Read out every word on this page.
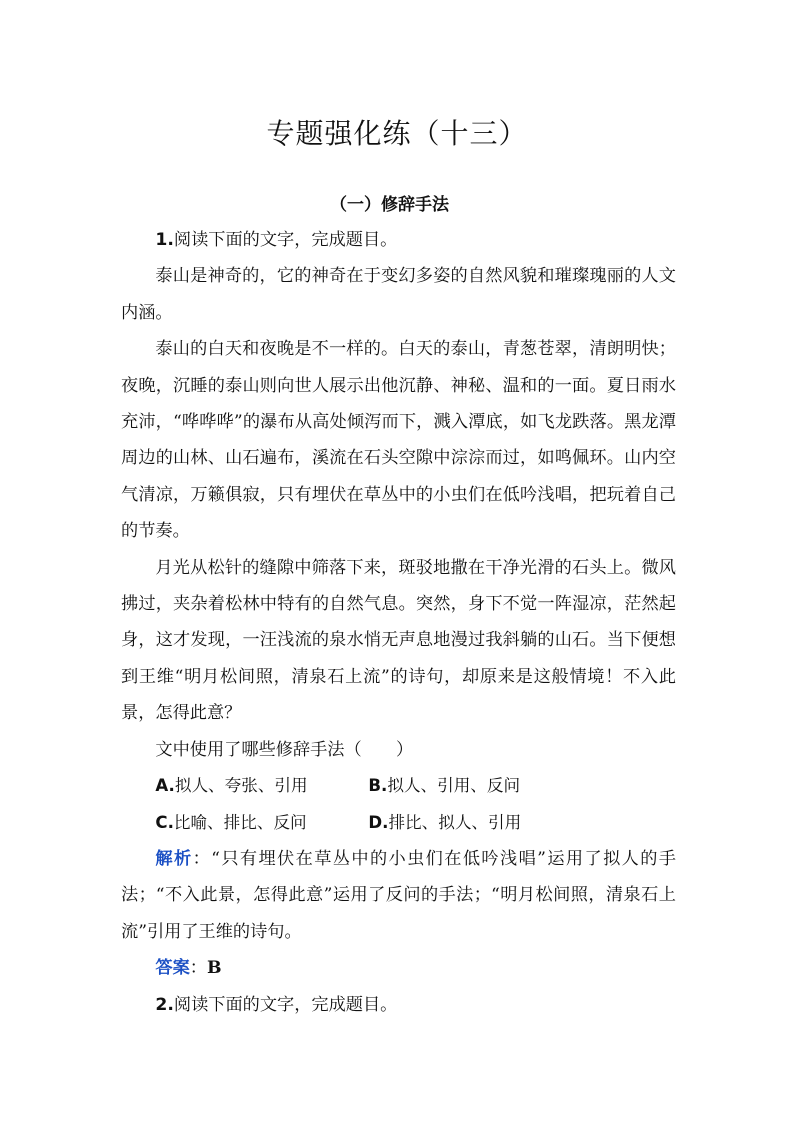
专题强化练（十三）
（一）修辞手法

1.阅读下面的文字，完成题目。

泰山是神奇的，它的神奇在于变幻多姿的自然风貌和璀璨瑰丽的人文内涵。

泰山的白天和夜晚是不一样的。白天的泰山，青葱苍翠，清朗明快；夜晚，沉睡的泰山则向世人展示出他沉静、神秘、温和的一面。夏日雨水充沛，“哗哗哗”的瀑布从高处倾泻而下，溅入潭底，如飞龙跌落。黑龙潭周边的山林、山石遍布，溪流在石头空隙中淙淙而过，如鸣佩环。山内空气清凉，万籁俱寂，只有埋伏在草丛中的小虫们在低吟浅唱，把玩着自己的节奏。

月光从松针的缝隙中筛落下来，斑驳地撒在干净光滑的石头上。微风拂过，夹杂着松林中特有的自然气息。突然，身下不觉一阵湿凉，茫然起身，这才发现，一汪浅流的泉水悄无声息地漫过我斜躺的山石。当下便想到王维“明月松间照，清泉石上流”的诗句，却原来是这般情境！不入此景，怎得此意？

文中使用了哪些修辞手法（　　）

A.拟人、夸张、引用	B.拟人、引用、反问
C.比喻、排比、反问	D.排比、拟人、引用

解析：“只有埋伏在草丛中的小虫们在低吟浅唱”运用了拟人的手法；“不入此景，怎得此意”运用了反问的手法；“明月松间照，清泉石上流”引用了王维的诗句。

答案：B

2.阅读下面的文字，完成题目。
